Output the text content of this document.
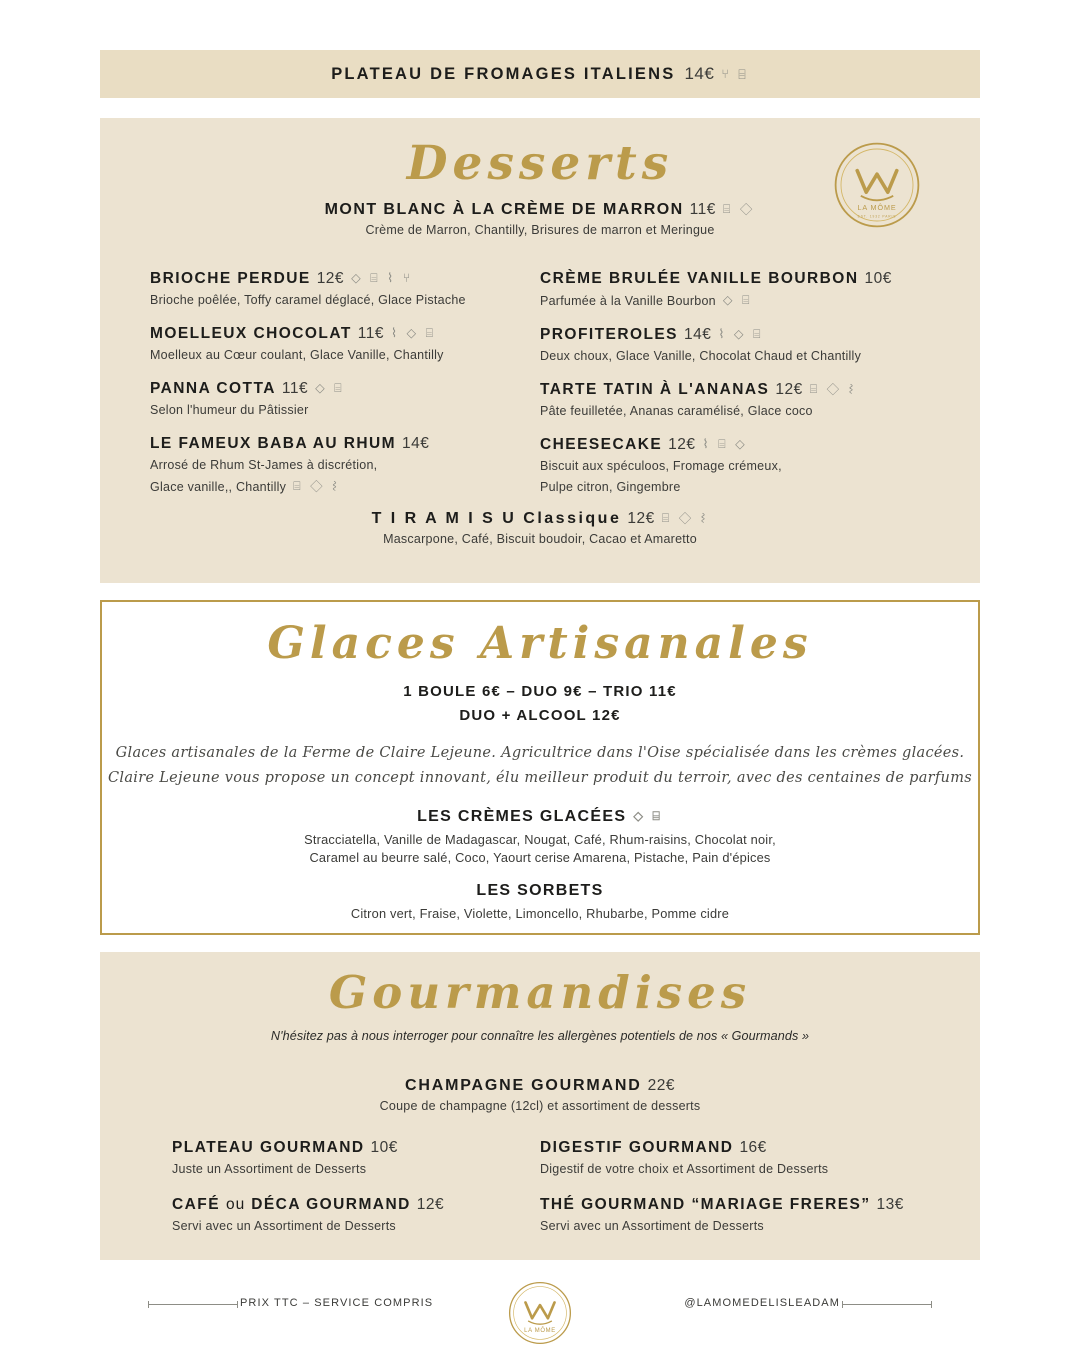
PLATEAU DE FROMAGES ITALIENS 14€ ⑂ ⌸
Desserts
LA MÔME
EST. 1932 PARIS
MONT BLANC À LA CRÈME DE MARRON 11€ ⌸ ◇
Crème de Marron, Chantilly, Brisures de marron et Meringue
BRIOCHE PERDUE 12€ ◇ ⌸ ⌇ ⑂
Brioche poêlée, Toffy caramel déglacé, Glace Pistache
MOELLEUX CHOCOLAT 11€ ⌇ ◇ ⌸
Moelleux au Cœur coulant, Glace Vanille, Chantilly
PANNA COTTA 11€ ◇ ⌸
Selon l'humeur du Pâtissier
LE FAMEUX BABA AU RHUM 14€
Arrosé de Rhum St-James à discrétion,
Glace vanille,, Chantilly ⌸ ◇ ⌇
CRÈME BRULÉE VANILLE BOURBON 10€
Parfumée à la Vanille Bourbon ◇ ⌸
PROFITEROLES 14€ ⌇ ◇ ⌸
Deux choux, Glace Vanille, Chocolat Chaud et Chantilly
TARTE TATIN À L'ANANAS 12€ ⌸ ◇ ⌇
Pâte feuilletée, Ananas caramélisé, Glace coco
CHEESECAKE 12€ ⌇ ⌸ ◇
Biscuit aux spéculoos, Fromage crémeux,
Pulpe citron, Gingembre
T I R A M I S U Classique 12€ ⌸ ◇ ⌇
Mascarpone, Café, Biscuit boudoir, Cacao et Amaretto
Glaces Artisanales
1 BOULE 6€ – DUO 9€ – TRIO 11€
DUO + ALCOOL 12€
Glaces artisanales de la Ferme de Claire Lejeune. Agricultrice dans l'Oise spécialisée dans les crèmes glacées.
Claire Lejeune vous propose un concept innovant, élu meilleur produit du terroir, avec des centaines de parfums
LES CRÈMES GLACÉES ◇ ⌸
Stracciatella, Vanille de Madagascar, Nougat, Café, Rhum-raisins, Chocolat noir,
Caramel au beurre salé, Coco, Yaourt cerise Amarena, Pistache, Pain d'épices
LES SORBETS
Citron vert, Fraise, Violette, Limoncello, Rhubarbe, Pomme cidre
Gourmandises
N'hésitez pas à nous interroger pour connaître les allergènes potentiels de nos « Gourmands »
CHAMPAGNE GOURMAND 22€
Coupe de champagne (12cl) et assortiment de desserts
PLATEAU GOURMAND 10€
Juste un Assortiment de Desserts
CAFÉ ou DÉCA GOURMAND 12€
Servi avec un Assortiment de Desserts
DIGESTIF GOURMAND 16€
Digestif de votre choix et Assortiment de Desserts
THÉ GOURMAND “MARIAGE FRERES” 13€
Servi avec un Assortiment de Desserts
PRIX TTC – SERVICE COMPRIS
LA MÔME
@LAMOMEDELISLEADAM
